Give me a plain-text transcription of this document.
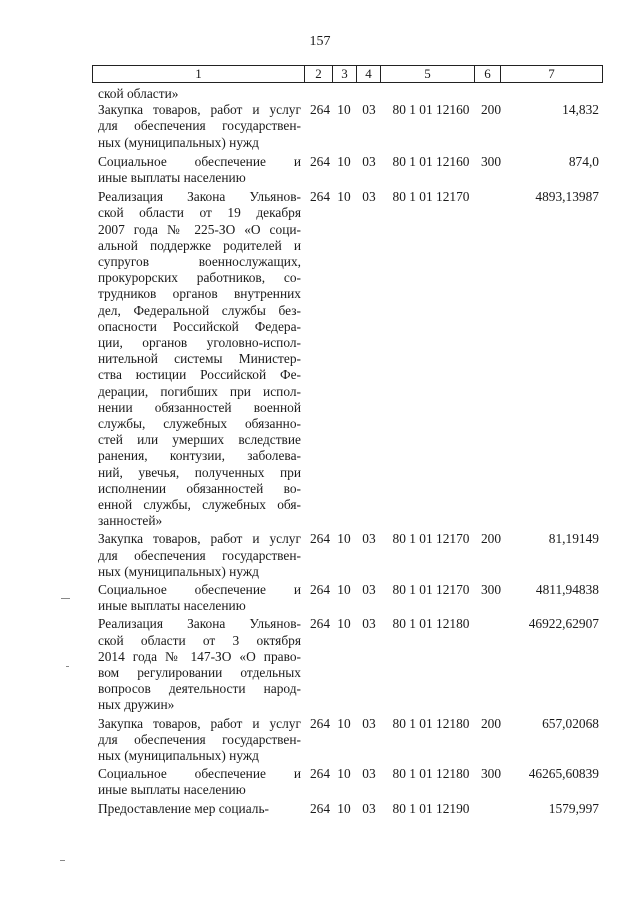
157
1	2	3	4	5	6	7
ской области»
Закупка товаров, работ и услуг
для обеспечения государствен-
ных (муниципальных) нужд
264 10 03	80 1 01 12160 200	14,832
Социальное обеспечение и
иные выплаты населению
264 10 03	80 1 01 12160 300	874,0
Реализация Закона Ульянов-
ской области от 19 декабря
2007 года № 225-ЗО «О соци-
альной поддержке родителей и
супругов военнослужащих,
прокурорских работников, со-
трудников органов внутренних
дел, Федеральной службы без-
опасности Российской Федера-
ции, органов уголовно-испол-
нительной системы Министер-
ства юстиции Российской Фе-
дерации, погибших при испол-
нении обязанностей военной
службы, служебных обязанно-
стей или умерших вследствие
ранения, контузии, заболева-
ний, увечья, полученных при
исполнении обязанностей во-
енной службы, служебных обя-
занностей»
264 10 03	80 1 01 12170	4893,13987
Закупка товаров, работ и услуг
для обеспечения государствен-
ных (муниципальных) нужд
264 10 03	80 1 01 12170 200	81,19149
Социальное обеспечение и
иные выплаты населению
264 10 03	80 1 01 12170 300	4811,94838
Реализация Закона Ульянов-
ской области от 3 октября
2014 года № 147-ЗО «О право-
вом регулировании отдельных
вопросов деятельности народ-
ных дружин»
264 10 03	80 1 01 12180	46922,62907
Закупка товаров, работ и услуг
для обеспечения государствен-
ных (муниципальных) нужд
264 10 03	80 1 01 12180 200	657,02068
Социальное обеспечение и
иные выплаты населению
264 10 03	80 1 01 12180 300	46265,60839
Предоставление мер социаль-	264 10 03	80 1 01 12190	1579,997
